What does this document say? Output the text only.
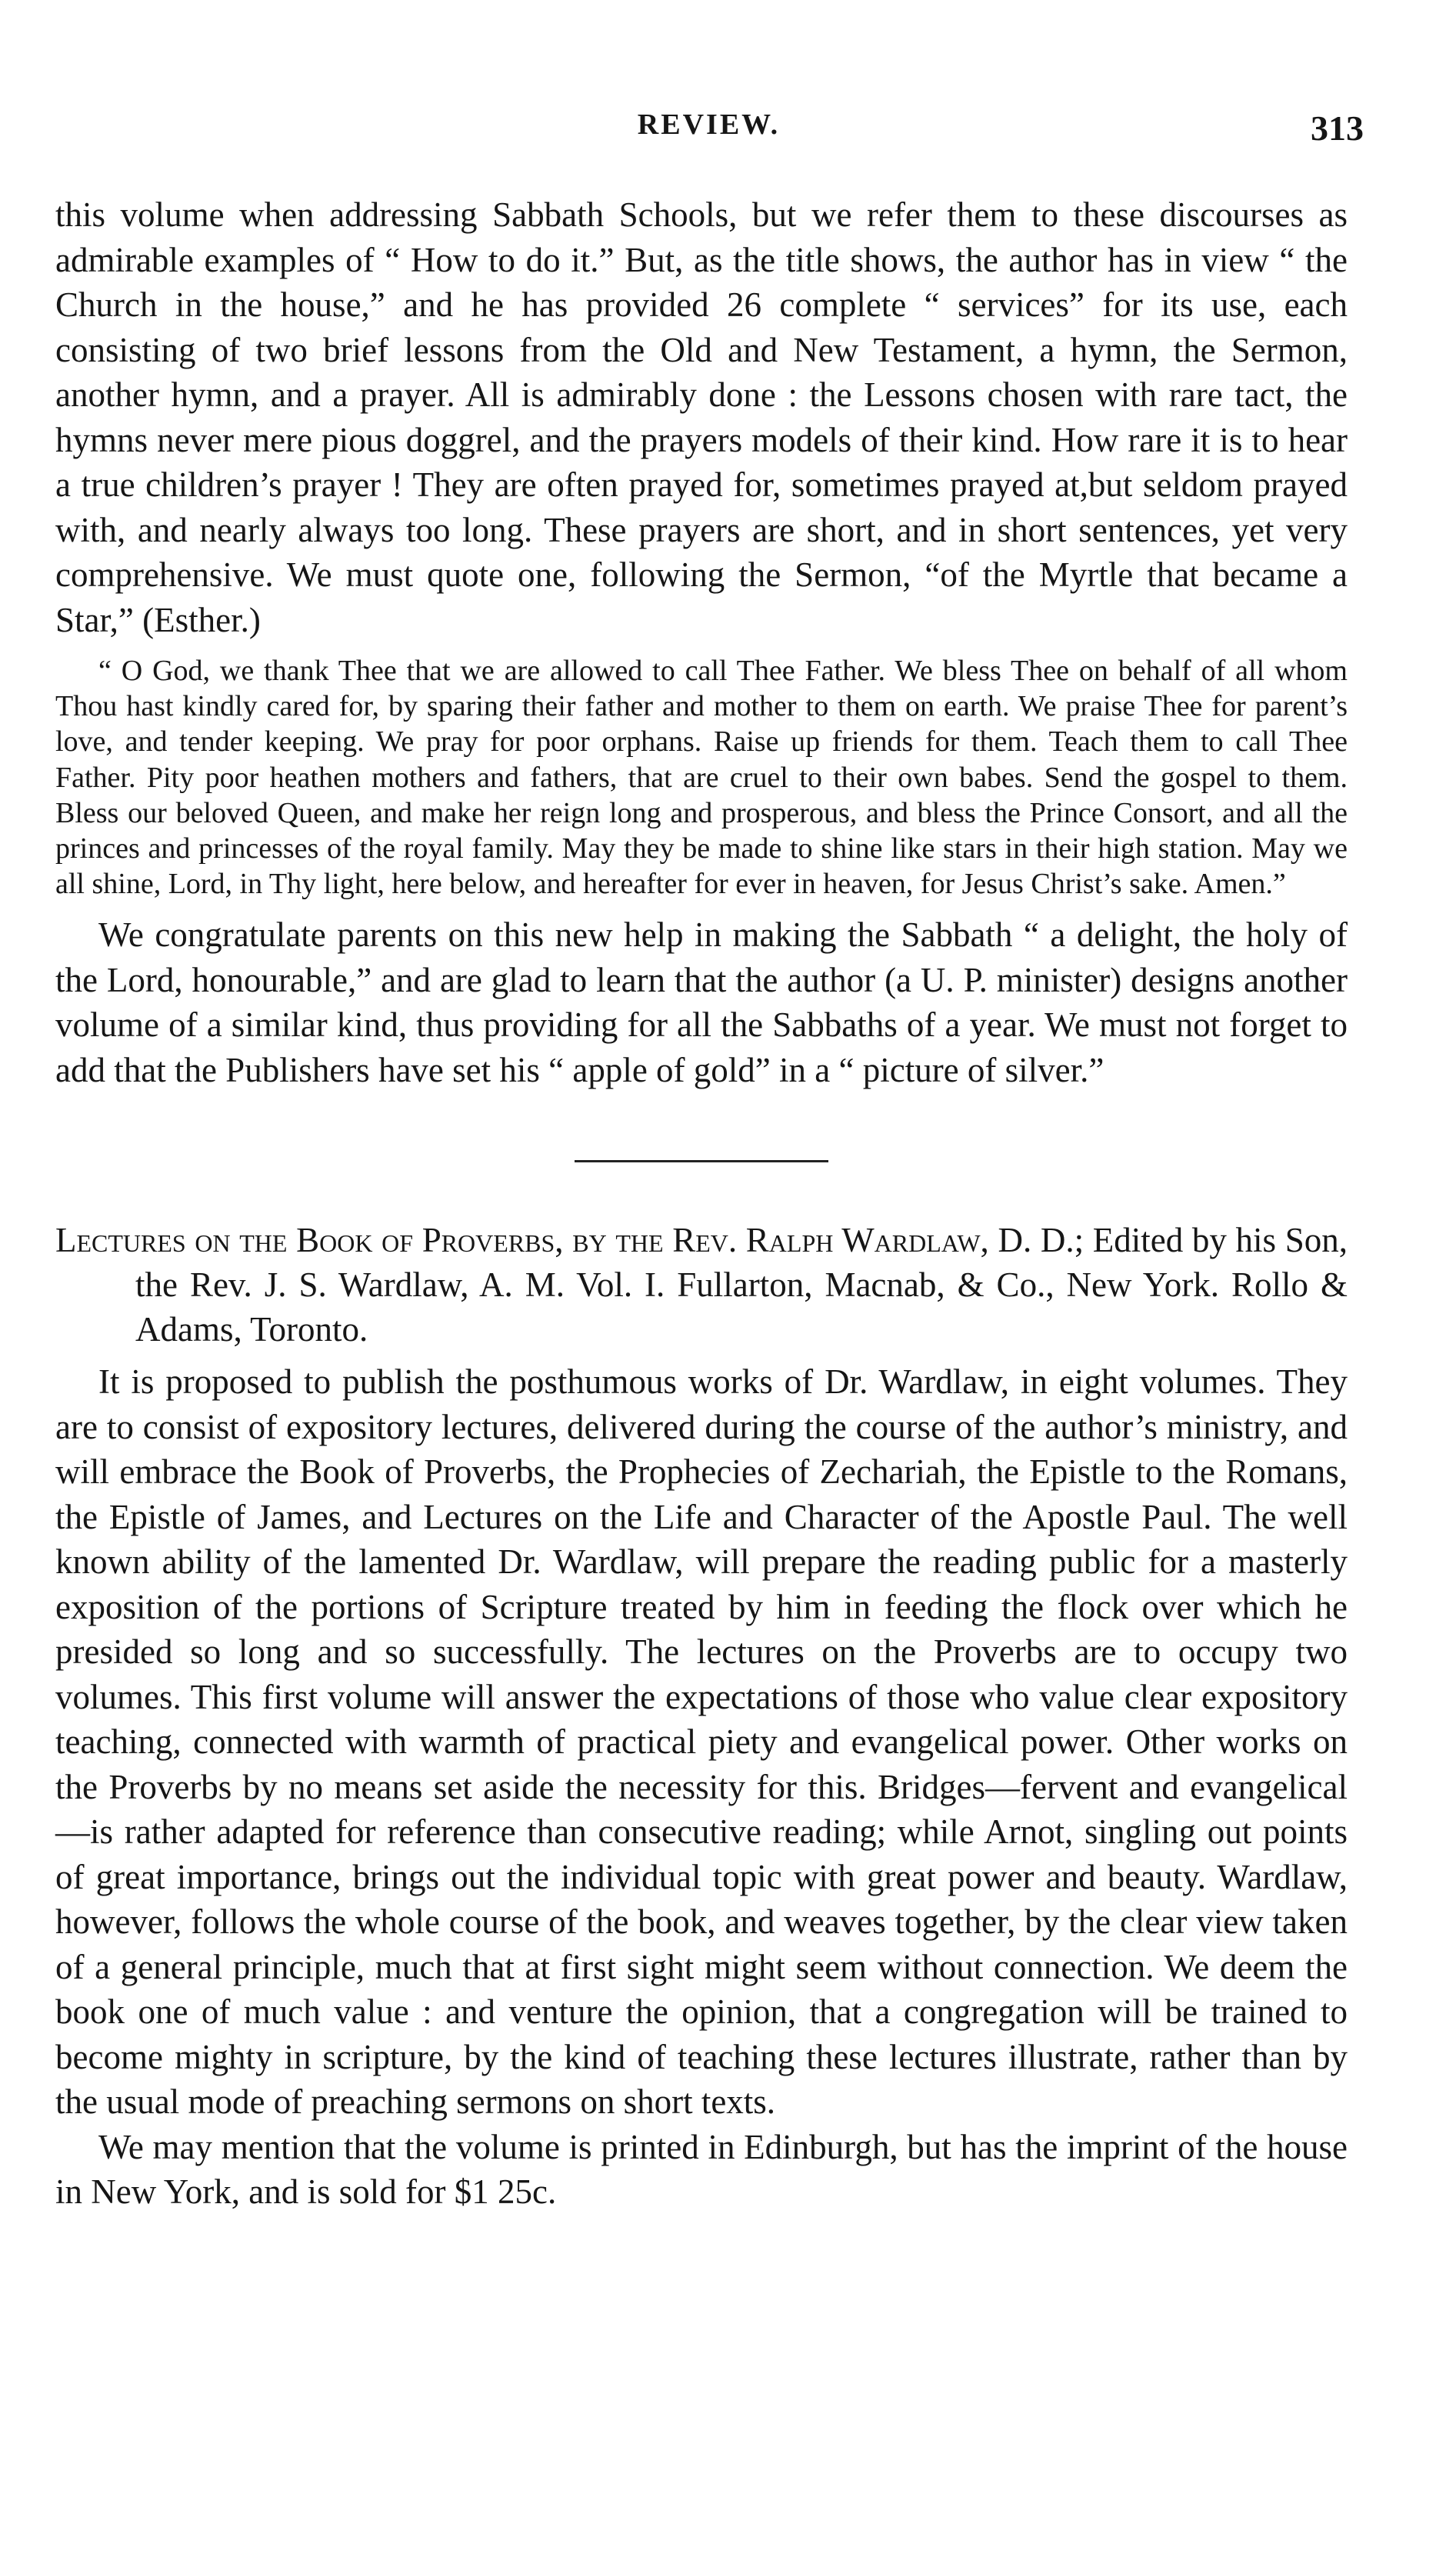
REVIEW.	313

this volume when addressing Sabbath Schools, but we refer them to these discourses as admirable examples of “ How to do it.” But, as the title shows, the author has in view “ the Church in the house,” and he has provided 26 complete “ services” for its use, each consisting of two brief lessons from the Old and New Testament, a hymn, the Sermon, another hymn, and a prayer. All is admirably done : the Lessons chosen with rare tact, the hymns never mere pious doggrel, and the prayers models of their kind. How rare it is to hear a true children’s prayer ! They are often prayed for, sometimes prayed at,but seldom prayed with, and nearly always too long. These prayers are short, and in short sentences, yet very comprehensive. We must quote one, following the Sermon, “of the Myrtle that became a Star,” (Esther.)

“ O God, we thank Thee that we are allowed to call Thee Father. We bless Thee on behalf of all whom Thou hast kindly cared for, by sparing their father and mother to them on earth. We praise Thee for parent’s love, and tender keeping. We pray for poor orphans. Raise up friends for them. Teach them to call Thee Father. Pity poor heathen mothers and fathers, that are cruel to their own babes. Send the gospel to them. Bless our beloved Queen, and make her reign long and prosperous, and bless the Prince Consort, and all the princes and princesses of the royal family. May they be made to shine like stars in their high station. May we all shine, Lord, in Thy light, here below, and hereafter for ever in heaven, for Jesus Christ’s sake. Amen.”

We congratulate parents on this new help in making the Sabbath “ a delight, the holy of the Lord, honourable,” and are glad to learn that the author (a U. P. minister) designs another volume of a similar kind, thus providing for all the Sabbaths of a year. We must not forget to add that the Publishers have set his “ apple of gold” in a “ picture of silver.”

Lectures on the Book of Proverbs, by the Rev. Ralph Wardlaw, D. D.; Edited by his Son, the Rev. J. S. Wardlaw, A. M. Vol. I. Fullarton, Macnab, & Co., New York. Rollo & Adams, Toronto.

It is proposed to publish the posthumous works of Dr. Wardlaw, in eight volumes. They are to consist of expository lectures, delivered during the course of the author’s ministry, and will embrace the Book of Proverbs, the Prophecies of Zechariah, the Epistle to the Romans, the Epistle of James, and Lectures on the Life and Character of the Apostle Paul. The well known ability of the lamented Dr. Wardlaw, will prepare the reading public for a masterly exposition of the portions of Scripture treated by him in feeding the flock over which he presided so long and so successfully. The lectures on the Proverbs are to occupy two volumes. This first volume will answer the expectations of those who value clear expository teaching, connected with warmth of practical piety and evangelical power. Other works on the Proverbs by no means set aside the necessity for this. Bridges—fervent and evangelical—is rather adapted for reference than consecutive reading; while Arnot, singling out points of great importance, brings out the individual topic with great power and beauty. Wardlaw, however, follows the whole course of the book, and weaves together, by the clear view taken of a general principle, much that at first sight might seem without connection. We deem the book one of much value : and venture the opinion, that a congregation will be trained to become mighty in scripture, by the kind of teaching these lectures illustrate, rather than by the usual mode of preaching sermons on short texts.

We may mention that the volume is printed in Edinburgh, but has the imprint of the house in New York, and is sold for $1 25c.
